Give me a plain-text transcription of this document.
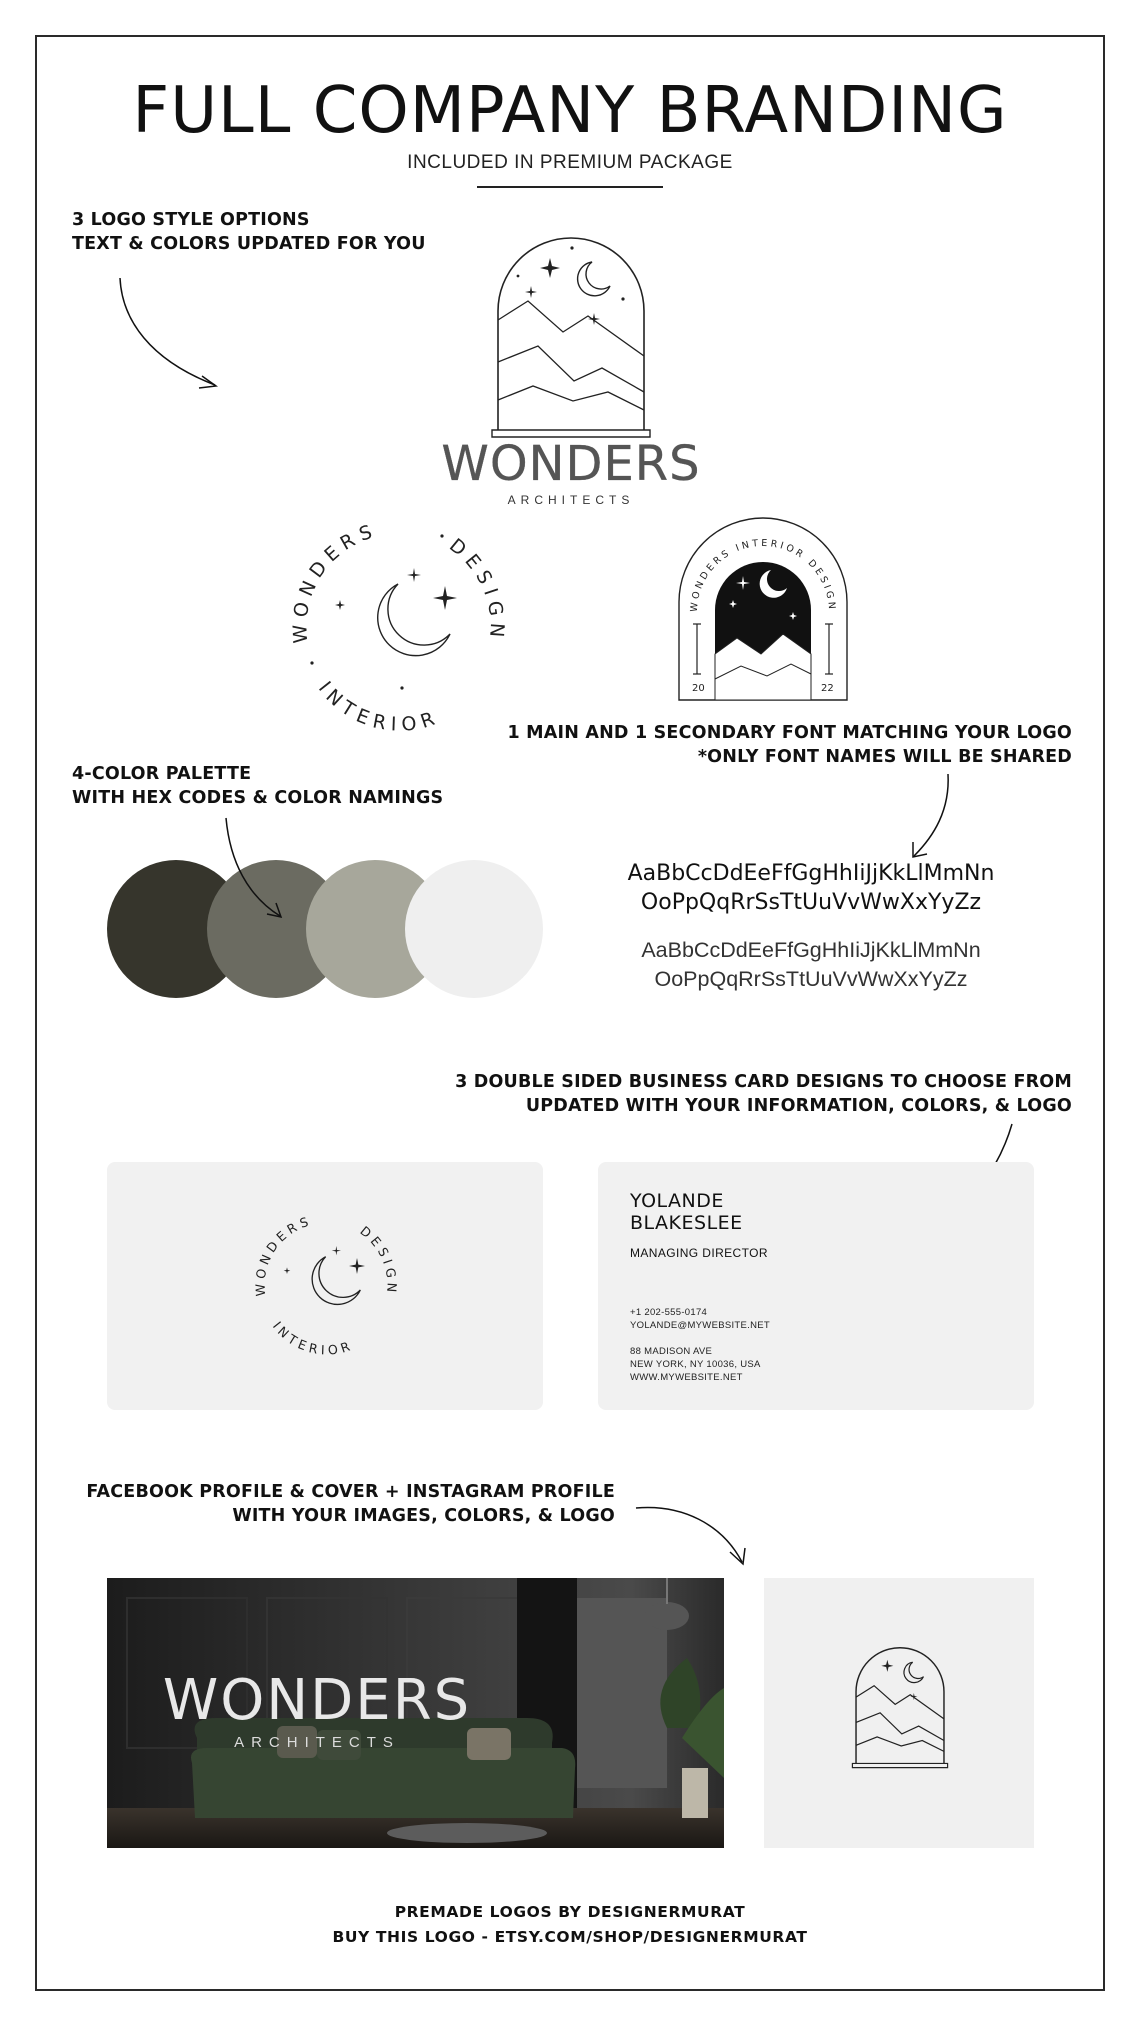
FULL COMPANY BRANDING
INCLUDED IN PREMIUM PACKAGE
3 LOGO STYLE OPTIONS
TEXT & COLORS UPDATED FOR YOU
WONDERS
ARCHITECTS
WONDERS
DESIGN
INTERIOR
WONDERS INTERIOR DESIGN
20	22
1 MAIN AND 1 SECONDARY FONT MATCHING YOUR LOGO
*ONLY FONT NAMES WILL BE SHARED
AaBbCcDdEeFfGgHhIiJjKkLlMmNn
OoPpQqRrSsTtUuVvWwXxYyZz
AaBbCcDdEeFfGgHhIiJjKkLlMmNn
OoPpQqRrSsTtUuVvWwXxYyZz
4-COLOR PALETTE
WITH HEX CODES & COLOR NAMINGS
3 DOUBLE SIDED BUSINESS CARD DESIGNS TO CHOOSE FROM
UPDATED WITH YOUR INFORMATION, COLORS, & LOGO
WONDERS
DESIGN
INTERIOR
YOLANDE
BLAKESLEE
MANAGING DIRECTOR
+1 202-555-0174
YOLANDE@MYWEBSITE.NET
88 MADISON AVE
NEW YORK, NY 10036, USA
WWW.MYWEBSITE.NET
FACEBOOK PROFILE & COVER + INSTAGRAM PROFILE
WITH YOUR IMAGES, COLORS, & LOGO
WONDERS
ARCHITECTS
PREMADE LOGOS BY DESIGNERMURAT
BUY THIS LOGO - ETSY.COM/SHOP/DESIGNERMURAT
